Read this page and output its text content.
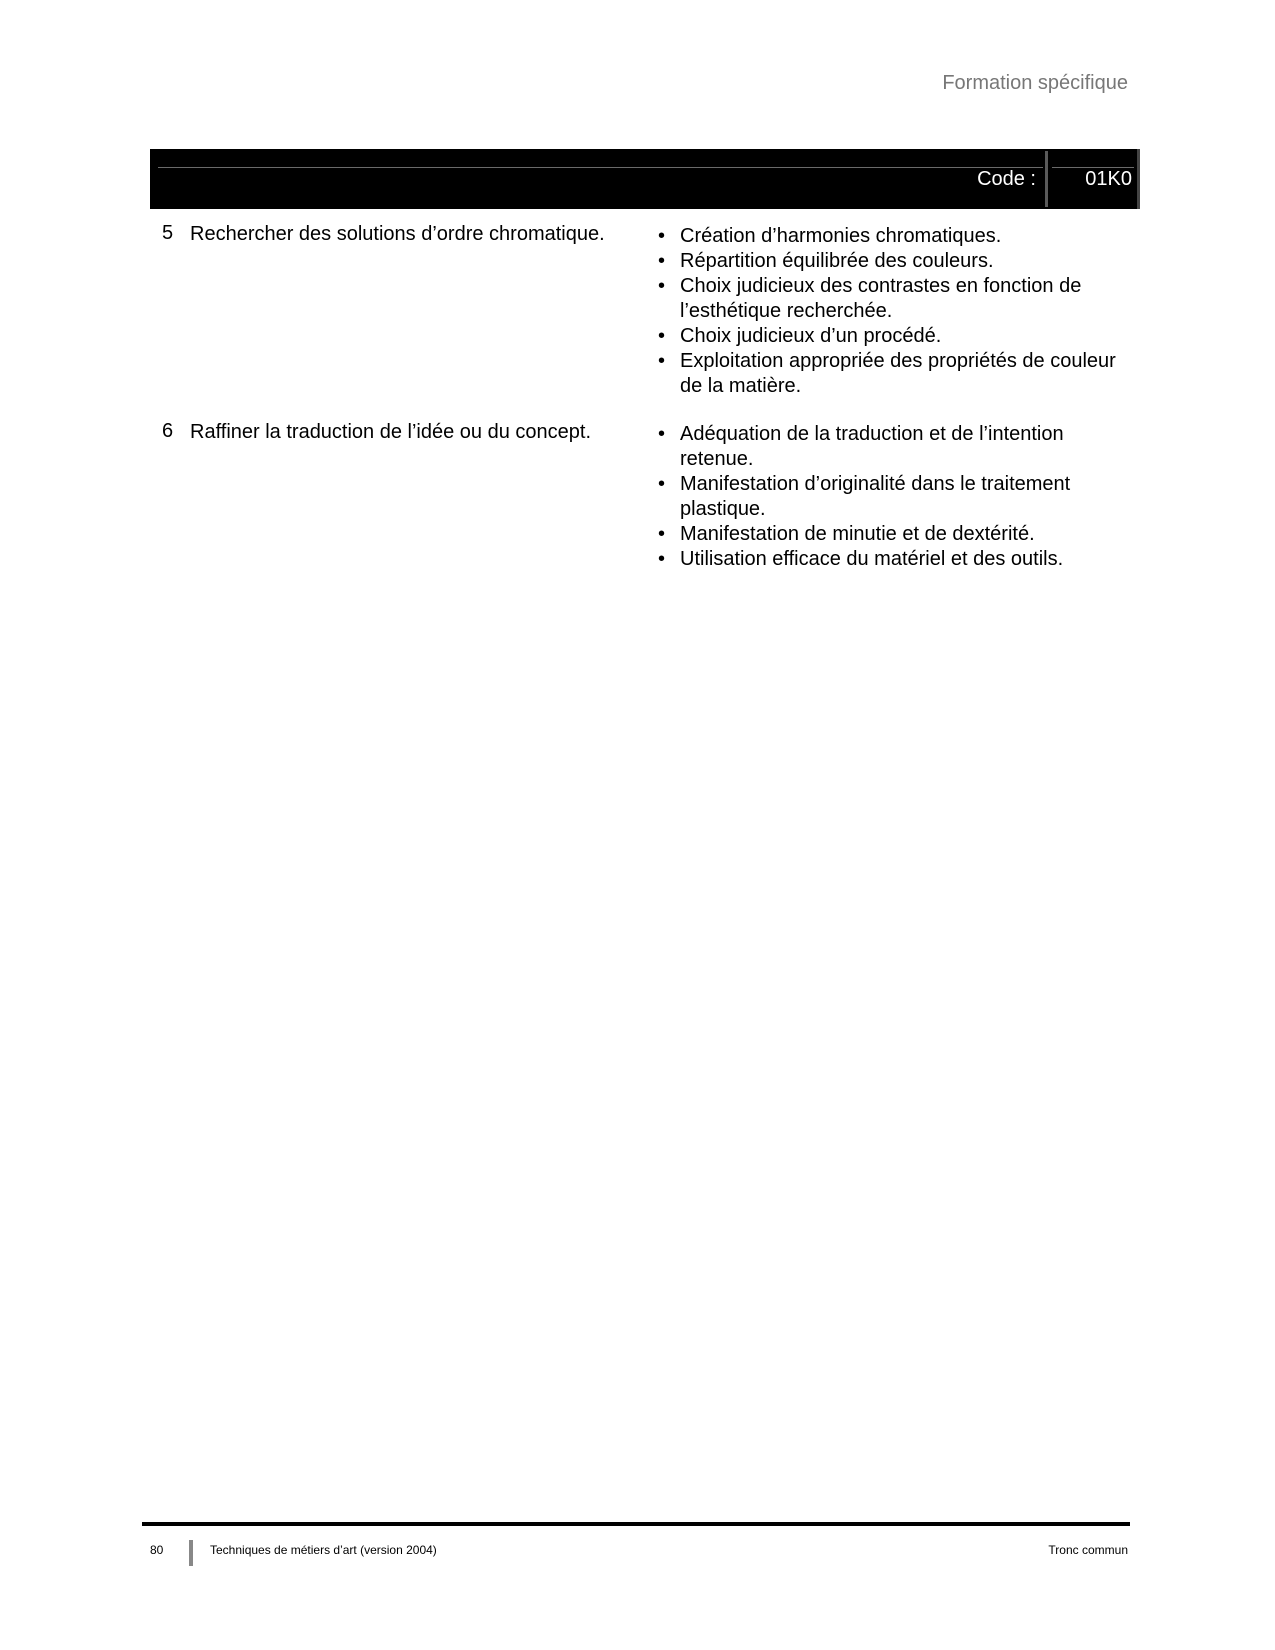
Formation spécifique
Code : 01K0
5 Rechercher des solutions d’ordre chromatique.	• Création d’harmonies chromatiques.
• Répartition équilibrée des couleurs.
• Choix judicieux des contrastes en fonction de l’esthétique recherchée.
• Choix judicieux d’un procédé.
• Exploitation appropriée des propriétés de couleur de la matière.
6 Raffiner la traduction de l’idée ou du concept.	• Adéquation de la traduction et de l’intention retenue.
• Manifestation d’originalité dans le traitement plastique.
• Manifestation de minutie et de dextérité.
• Utilisation efficace du matériel et des outils.
80	Techniques de métiers d’art (version 2004)	Tronc commun
